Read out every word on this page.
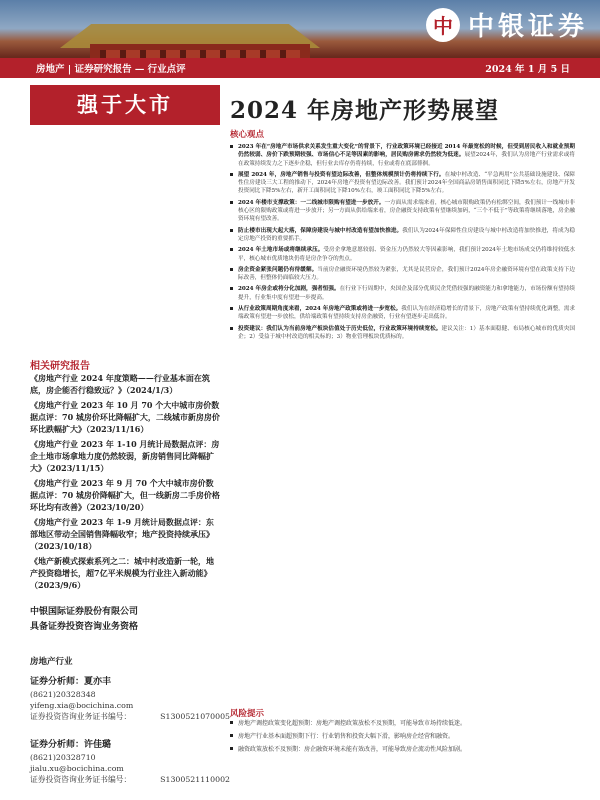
中 中银证券
房地产 | 证券研究报告 — 行业点评	2024 年 1 月 5 日
强于大市
相关研究报告

《房地产行业 2024 年度策略——行业基本面在筑底，房企能否行稳致远？》（2024/1/3）

《房地产行业 2023 年 10 月 70 个大中城市房价数据点评：70 城房价环比降幅扩大，二线城市新房房价环比跌幅扩大》（2023/11/16）

《房地产行业 2023 年 1-10 月统计局数据点评：房企土地市场拿地力度仍然较弱，新房销售同比降幅扩大》（2023/11/15）

《房地产行业 2023 年 9 月 70 个大中城市房价数据点评：70 城房价降幅扩大，但一线新房二手房价格环比均有改善》（2023/10/20）

《房地产行业 2023 年 1-9 月统计局数据点评：东部地区带动全国销售降幅收窄；地产投资持续承压》（2023/10/18）

《地产新模式探索系列之二：城中村改造新一轮，地产投资稳增长，超7亿平米规模为行业注入新动能》（2023/9/6）

中银国际证券股份有限公司

具备证券投资咨询业务资格

房地产行业
证券分析师：夏亦丰
(8621)20328348
yifeng.xia@bocichina.com
证券投资咨询业务证书编号：	S1300521070005
证券分析师：许佳璐
(8621)20328710
jialu.xu@bocichina.com
证券投资咨询业务证书编号：	S1300521110002
2024 年房地产形势展望
核心观点
2023 年在“房地产市场供求关系发生重大变化”的背景下，行业政策环境已经接近 2014 年最宽松的时候，但受到居民收入和就业预期仍然较弱、房价下跌预期较强、市场信心不足等因素的影响，居民购房需求仍然较为低迷。展望2024年，我们认为房地产行业需求或将在政策持续发力之下逐步企稳，但行业去库存仍将持续，行业或将在底部徘徊。
展望 2024 年，房地产销售与投资有望边际改善，但整体规模预计仍将持续下行。在城中村改造、“平急两用”公共基础设施建设、保障性住房建设三大工程的推动下，2024年房地产投资有望边际改善。我们预计2024年全国商品房销售面积同比下降5%左右，房地产开发投资同比下降5%左右，新开工面积同比下降10%左右，竣工面积同比下降5%左右。
2024 年楼市支撑政策：一二线城市限购有望进一步放开。一方面从需求端来看，核心城市限购政策仍有松绑空间，我们预计一线城市非核心区的限购政策或将进一步放开；另一方面从供给端来看，房企融资支持政策有望继续加码，“三个不低于”等政策将继续落地，房企融资环境有望改善。
防止楼市出现大起大落，保障房建设与城中村改造有望加快推进。我们认为2024年保障性住房建设与城中村改造将加快推进，将成为稳定房地产投资的重要抓手。
2024 年土地市场或将继续承压。受房企拿地意愿较弱、资金压力仍然较大等因素影响，我们预计2024年土地市场成交仍将维持较低水平，核心城市优质地块仍将是房企争夺的焦点。
房企资金紧张问题仍有待缓解。当前房企融资环境仍然较为紧张，尤其是民营房企，我们预计2024年房企融资环境有望在政策支持下边际改善，但整体仍面临较大压力。
2024 年房企或将分化加剧，强者恒强。在行业下行周期中，央国企及部分优质民企凭借较强的融资能力和拿地能力，市场份额有望持续提升，行业集中度有望进一步提高。
从行业政策周期角度来看，2024 年房地产政策或将进一步宽松。我们认为在经济稳增长的背景下，房地产政策有望持续优化调整，需求端政策有望进一步放松，供给端政策有望持续支持房企融资，行业有望逐步走出低谷。
投资建议：我们认为当前房地产板块估值处于历史低位，行业政策环境持续宽松。建议关注：1）基本面稳健、布局核心城市的优质央国企；2）受益于城中村改造的相关标的；3）物业管理板块优质标的。
风险提示
房地产调控政策变化超预期：房地产调控政策放松不及预期，可能导致市场持续低迷。
房地产行业基本面超预期下行：行业销售和投资大幅下滑，影响房企经营和融资。
融资政策放松不及预期：房企融资环境未能有效改善，可能导致房企流动性风险加剧。
